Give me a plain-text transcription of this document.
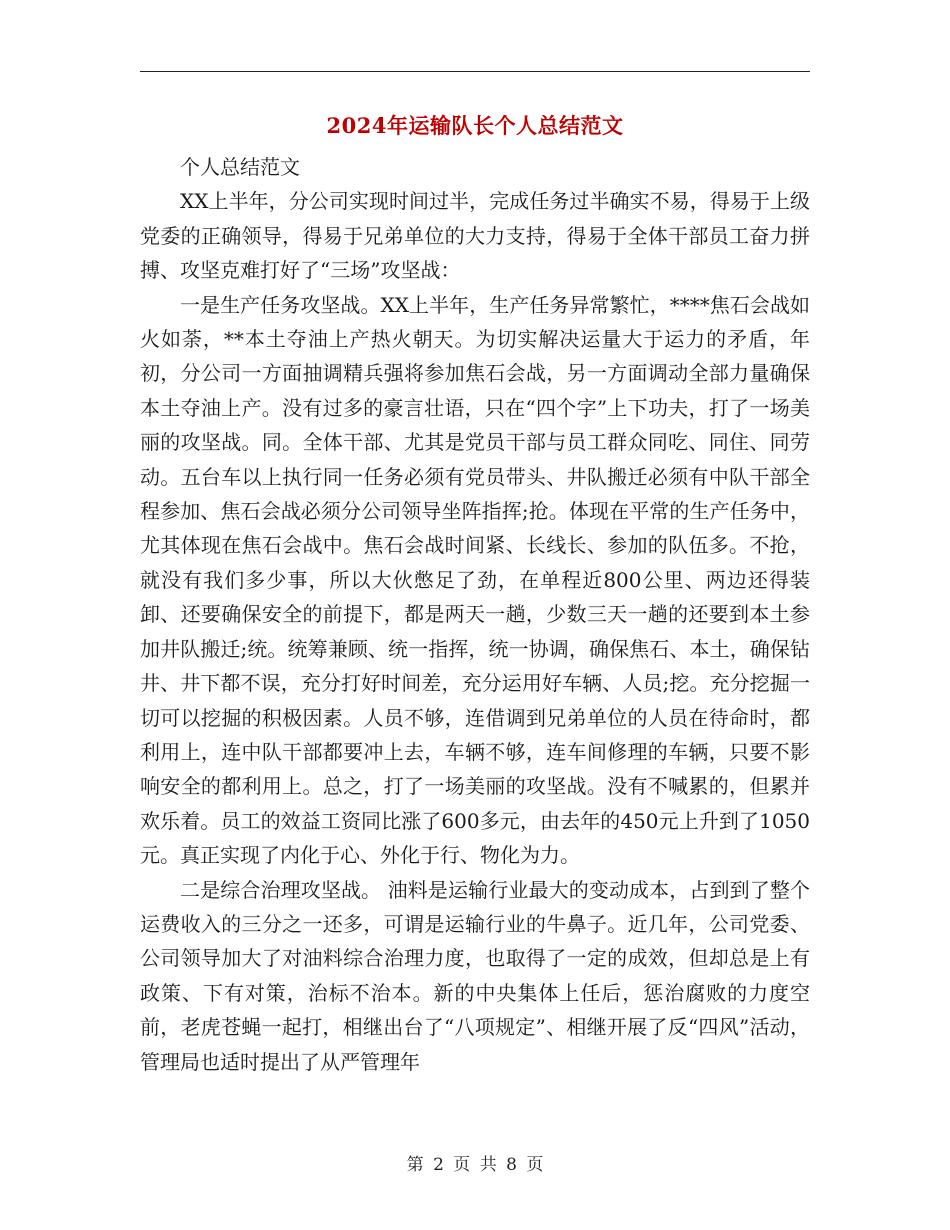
2024年运输队长个人总结范文

个人总结范文

XX上半年，分公司实现时间过半，完成任务过半确实不易，得易于上级党委的正确领导，得易于兄弟单位的大力支持，得易于全体干部员工奋力拼搏、攻坚克难打好了“三场”攻坚战：

一是生产任务攻坚战。XX上半年，生产任务异常繁忙，****焦石会战如火如荼，**本土夺油上产热火朝天。为切实解决运量大于运力的矛盾，年初，分公司一方面抽调精兵强将参加焦石会战，另一方面调动全部力量确保本土夺油上产。没有过多的豪言壮语，只在“四个字”上下功夫，打了一场美丽的攻坚战。同。全体干部、尤其是党员干部与员工群众同吃、同住、同劳动。五台车以上执行同一任务必须有党员带头、井队搬迁必须有中队干部全程参加、焦石会战必须分公司领导坐阵指挥;抢。体现在平常的生产任务中，尤其体现在焦石会战中。焦石会战时间紧、长线长、参加的队伍多。不抢，就没有我们多少事，所以大伙憋足了劲，在单程近800公里、两边还得装卸、还要确保安全的前提下，都是两天一趟，少数三天一趟的还要到本土参加井队搬迁;统。统筹兼顾、统一指挥，统一协调，确保焦石、本土，确保钻井、井下都不误，充分打好时间差，充分运用好车辆、人员;挖。充分挖掘一切可以挖掘的积极因素。人员不够，连借调到兄弟单位的人员在待命时，都利用上，连中队干部都要冲上去，车辆不够，连车间修理的车辆，只要不影响安全的都利用上。总之，打了一场美丽的攻坚战。没有不喊累的，但累并欢乐着。员工的效益工资同比涨了600多元，由去年的450元上升到了1050元。真正实现了内化于心、外化于行、物化为力。

二是综合治理攻坚战。 油料是运输行业最大的变动成本，占到到了整个运费收入的三分之一还多，可谓是运输行业的牛鼻子。近几年，公司党委、公司领导加大了对油料综合治理力度，也取得了一定的成效，但却总是上有政策、下有对策，治标不治本。新的中央集体上任后，惩治腐败的力度空前，老虎苍蝇一起打，相继出台了“八项规定”、相继开展了反“四风”活动，管理局也适时提出了从严管理年

第 2 页 共 8 页
